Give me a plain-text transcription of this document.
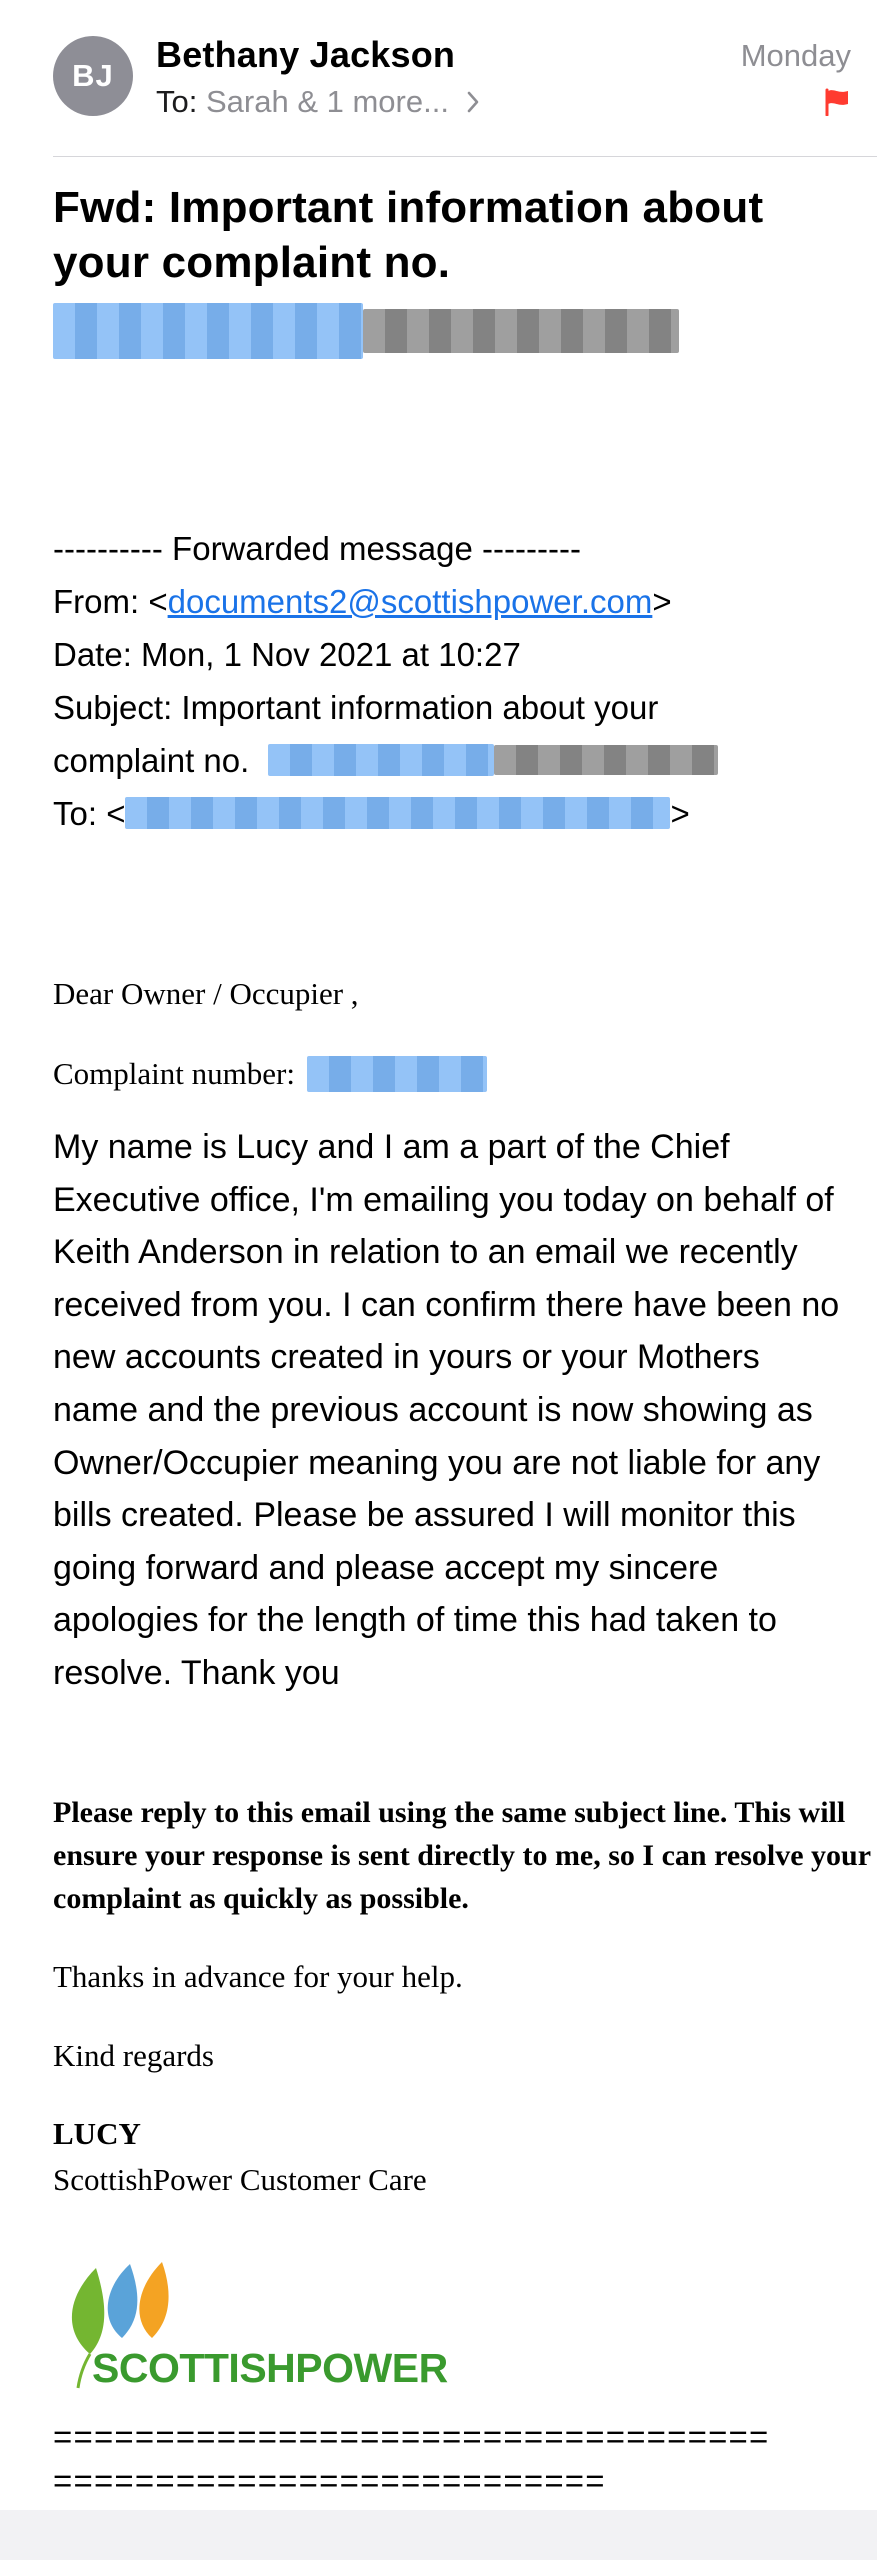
BJ
Bethany Jackson
To: Sarah & 1 more...
Monday
Fwd: Important information about your complaint no.
---------- Forwarded message ---------
From: <documents2@scottishpower.com>
Date: Mon, 1 Nov 2021 at 10:27
Subject: Important information about your
complaint no.
To: <	>
Dear Owner / Occupier ,
Complaint number:
My name is Lucy and I am a part of the Chief Executive office, I'm emailing you today on behalf of Keith Anderson in relation to an email we recently received from you. I can confirm there have been no new accounts created in yours or your Mothers name and the previous account is now showing as Owner/Occupier meaning you are not liable for any bills created. Please be assured I will monitor this going forward and please accept my sincere apologies for the length of time this had taken to resolve. Thank you
Please reply to this email using the same subject line. This will ensure your response is sent directly to me, so I can resolve your complaint as quickly as possible.
Thanks in advance for your help.
Kind regards
LUCY
ScottishPower Customer Care
SCOTTISHPOWER
===================================
===========================
